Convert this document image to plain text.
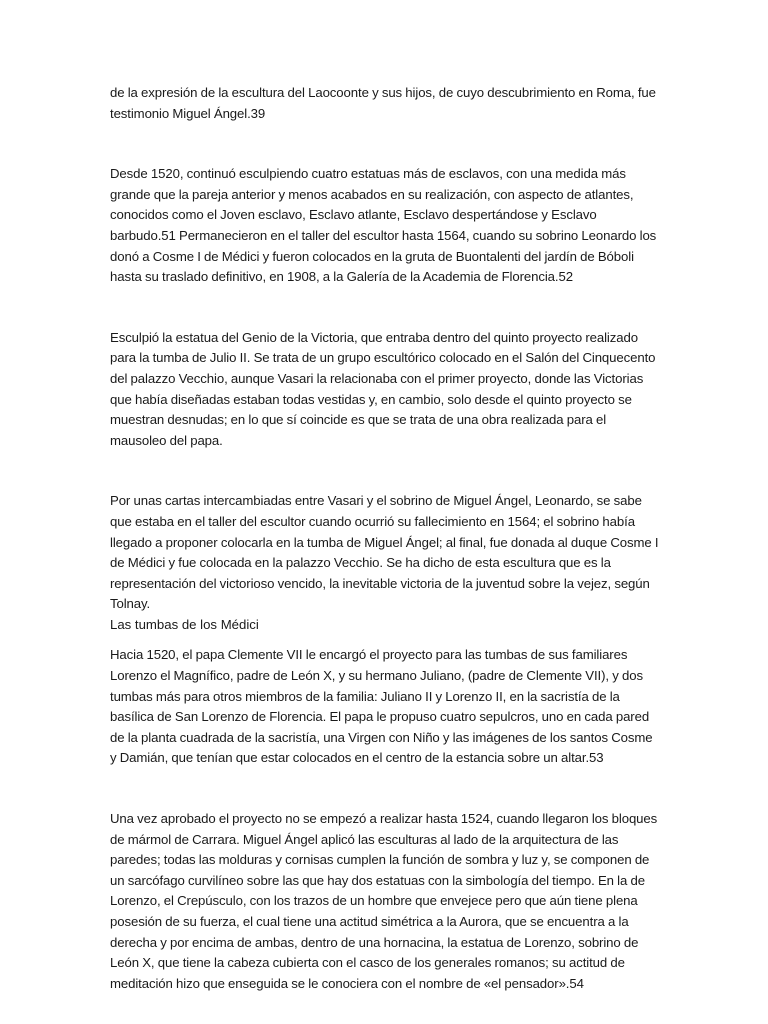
de la expresión de la escultura del Laocoonte y sus hijos, de cuyo descubrimiento en Roma, fue testimonio Miguel Ángel.39

Desde 1520, continuó esculpiendo cuatro estatuas más de esclavos, con una medida más grande que la pareja anterior y menos acabados en su realización, con aspecto de atlantes, conocidos como el Joven esclavo, Esclavo atlante, Esclavo despertándose y Esclavo barbudo.51 Permanecieron en el taller del escultor hasta 1564, cuando su sobrino Leonardo los donó a Cosme I de Médici y fueron colocados en la gruta de Buontalenti del jardín de Bóboli hasta su traslado definitivo, en 1908, a la Galería de la Academia de Florencia.52

Esculpió la estatua del Genio de la Victoria, que entraba dentro del quinto proyecto realizado para la tumba de Julio II. Se trata de un grupo escultórico colocado en el Salón del Cinquecento del palazzo Vecchio, aunque Vasari la relacionaba con el primer proyecto, donde las Victorias que había diseñadas estaban todas vestidas y, en cambio, solo desde el quinto proyecto se muestran desnudas; en lo que sí coincide es que se trata de una obra realizada para el mausoleo del papa.

Por unas cartas intercambiadas entre Vasari y el sobrino de Miguel Ángel, Leonardo, se sabe que estaba en el taller del escultor cuando ocurrió su fallecimiento en 1564; el sobrino había llegado a proponer colocarla en la tumba de Miguel Ángel; al final, fue donada al duque Cosme I de Médici y fue colocada en la palazzo Vecchio. Se ha dicho de esta escultura que es la representación del victorioso vencido, la inevitable victoria de la juventud sobre la vejez, según Tolnay.

Las tumbas de los Médici

Hacia 1520, el papa Clemente VII le encargó el proyecto para las tumbas de sus familiares Lorenzo el Magnífico, padre de León X, y su hermano Juliano, (padre de Clemente VII), y dos tumbas más para otros miembros de la familia: Juliano II y Lorenzo II, en la sacristía de la basílica de San Lorenzo de Florencia. El papa le propuso cuatro sepulcros, uno en cada pared de la planta cuadrada de la sacristía, una Virgen con Niño y las imágenes de los santos Cosme y Damián, que tenían que estar colocados en el centro de la estancia sobre un altar.53

Una vez aprobado el proyecto no se empezó a realizar hasta 1524, cuando llegaron los bloques de mármol de Carrara. Miguel Ángel aplicó las esculturas al lado de la arquitectura de las paredes; todas las molduras y cornisas cumplen la función de sombra y luz y, se componen de un sarcófago curvilíneo sobre las que hay dos estatuas con la simbología del tiempo. En la de Lorenzo, el Crepúsculo, con los trazos de un hombre que envejece pero que aún tiene plena posesión de su fuerza, el cual tiene una actitud simétrica a la Aurora, que se encuentra a la derecha y por encima de ambas, dentro de una hornacina, la estatua de Lorenzo, sobrino de León X, que tiene la cabeza cubierta con el casco de los generales romanos; su actitud de meditación hizo que enseguida se le conociera con el nombre de «el pensador».54
